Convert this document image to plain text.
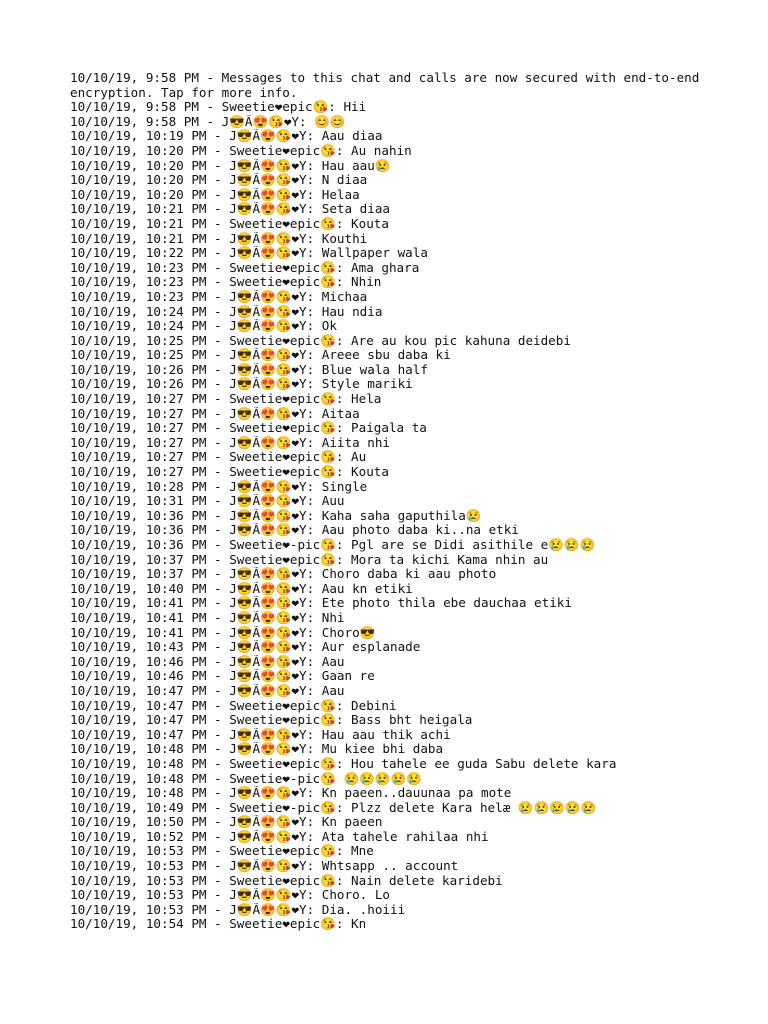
10/10/19, 9:58 PM - Messages to this chat and calls are now secured with end-to-end
encryption. Tap for more info.
10/10/19, 9:58 PM - Sweetie❤epic😘: Hii
10/10/19, 9:58 PM - J😎Ã😍😘❤Y: 😊😊
10/10/19, 10:19 PM - J😎Ã😍😘❤Y: Aau diaa
10/10/19, 10:20 PM - Sweetie❤epic😘: Au nahin
10/10/19, 10:20 PM - J😎Ã😍😘❤Y: Hau aau😢
10/10/19, 10:20 PM - J😎Ã😍😘❤Y: N diaa
10/10/19, 10:20 PM - J😎Ã😍😘❤Y: Helaa
10/10/19, 10:21 PM - J😎Ã😍😘❤Y: Seta diaa
10/10/19, 10:21 PM - Sweetie❤epic😘: Kouta
10/10/19, 10:21 PM - J😎Ã😍😘❤Y: Kouthi
10/10/19, 10:22 PM - J😎Ã😍😘❤Y: Wallpaper wala
10/10/19, 10:23 PM - Sweetie❤epic😘: Ama ghara
10/10/19, 10:23 PM - Sweetie❤epic😘: Nhin
10/10/19, 10:23 PM - J😎Ã😍😘❤Y: Michaa
10/10/19, 10:24 PM - J😎Ã😍😘❤Y: Hau ndia
10/10/19, 10:24 PM - J😎Ã😍😘❤Y: Ok
10/10/19, 10:25 PM - Sweetie❤epic😘: Are au kou pic kahuna deidebi
10/10/19, 10:25 PM - J😎Ã😍😘❤Y: Areee sbu daba ki
10/10/19, 10:26 PM - J😎Ã😍😘❤Y: Blue wala half
10/10/19, 10:26 PM - J😎Ã😍😘❤Y: Style mariki
10/10/19, 10:27 PM - Sweetie❤epic😘: Hela
10/10/19, 10:27 PM - J😎Ã😍😘❤Y: Aitaa
10/10/19, 10:27 PM - Sweetie❤epic😘: Paigala ta
10/10/19, 10:27 PM - J😎Ã😍😘❤Y: Aiita nhi
10/10/19, 10:27 PM - Sweetie❤epic😘: Au
10/10/19, 10:27 PM - Sweetie❤epic😘: Kouta
10/10/19, 10:28 PM - J😎Ã😍😘❤Y: Single
10/10/19, 10:31 PM - J😎Ã😍😘❤Y: Auu
10/10/19, 10:36 PM - J😎Ã😍😘❤Y: Kaha saha gaputhila😢
10/10/19, 10:36 PM - J😎Ã😍😘❤Y: Aau photo daba ki..na etki
10/10/19, 10:36 PM - Sweetie❤-pic😘: Pgl are se Didi asithile e😢😢😢
10/10/19, 10:37 PM - Sweetie❤epic😘: Mora ta kichi Kama nhin au
10/10/19, 10:37 PM - J😎Ã😍😘❤Y: Choro daba ki aau photo
10/10/19, 10:40 PM - J😎Ã😍😘❤Y: Aau kn etiki
10/10/19, 10:41 PM - J😎Ã😍😘❤Y: Ete photo thila ebe dauchaa etiki
10/10/19, 10:41 PM - J😎Ã😍😘❤Y: Nhi
10/10/19, 10:41 PM - J😎Ã😍😘❤Y: Choro😎
10/10/19, 10:43 PM - J😎Ã😍😘❤Y: Aur esplanade
10/10/19, 10:46 PM - J😎Ã😍😘❤Y: Aau
10/10/19, 10:46 PM - J😎Ã😍😘❤Y: Gaan re
10/10/19, 10:47 PM - J😎Ã😍😘❤Y: Aau
10/10/19, 10:47 PM - Sweetie❤epic😘: Debini
10/10/19, 10:47 PM - Sweetie❤epic😘: Bass bht heigala
10/10/19, 10:47 PM - J😎Ã😍😘❤Y: Hau aau thik achi
10/10/19, 10:48 PM - J😎Ã😍😘❤Y: Mu kiee bhi daba
10/10/19, 10:48 PM - Sweetie❤epic😘: Hou tahele ee guda Sabu delete kara
10/10/19, 10:48 PM - Sweetie❤-pic😘 😢😢😢😢😢
10/10/19, 10:48 PM - J😎Ã😍😘❤Y: Kn paeen..dauunaa pa mote
10/10/19, 10:49 PM - Sweetie❤-pic😘: Plzz delete Kara helæ 😢😢😢😢😢
10/10/19, 10:50 PM - J😎Ã😍😘❤Y: Kn paeen
10/10/19, 10:52 PM - J😎Ã😍😘❤Y: Ata tahele rahilaa nhi
10/10/19, 10:53 PM - Sweetie❤epic😘: Mne
10/10/19, 10:53 PM - J😎Ã😍😘❤Y: Whtsapp .. account
10/10/19, 10:53 PM - Sweetie❤epic😘: Nain delete karidebi
10/10/19, 10:53 PM - J😎Ã😍😘❤Y: Choro. Lo
10/10/19, 10:53 PM - J😎Ã😍😘❤Y: Dia. .hoiii
10/10/19, 10:54 PM - Sweetie❤epic😘: Kn
